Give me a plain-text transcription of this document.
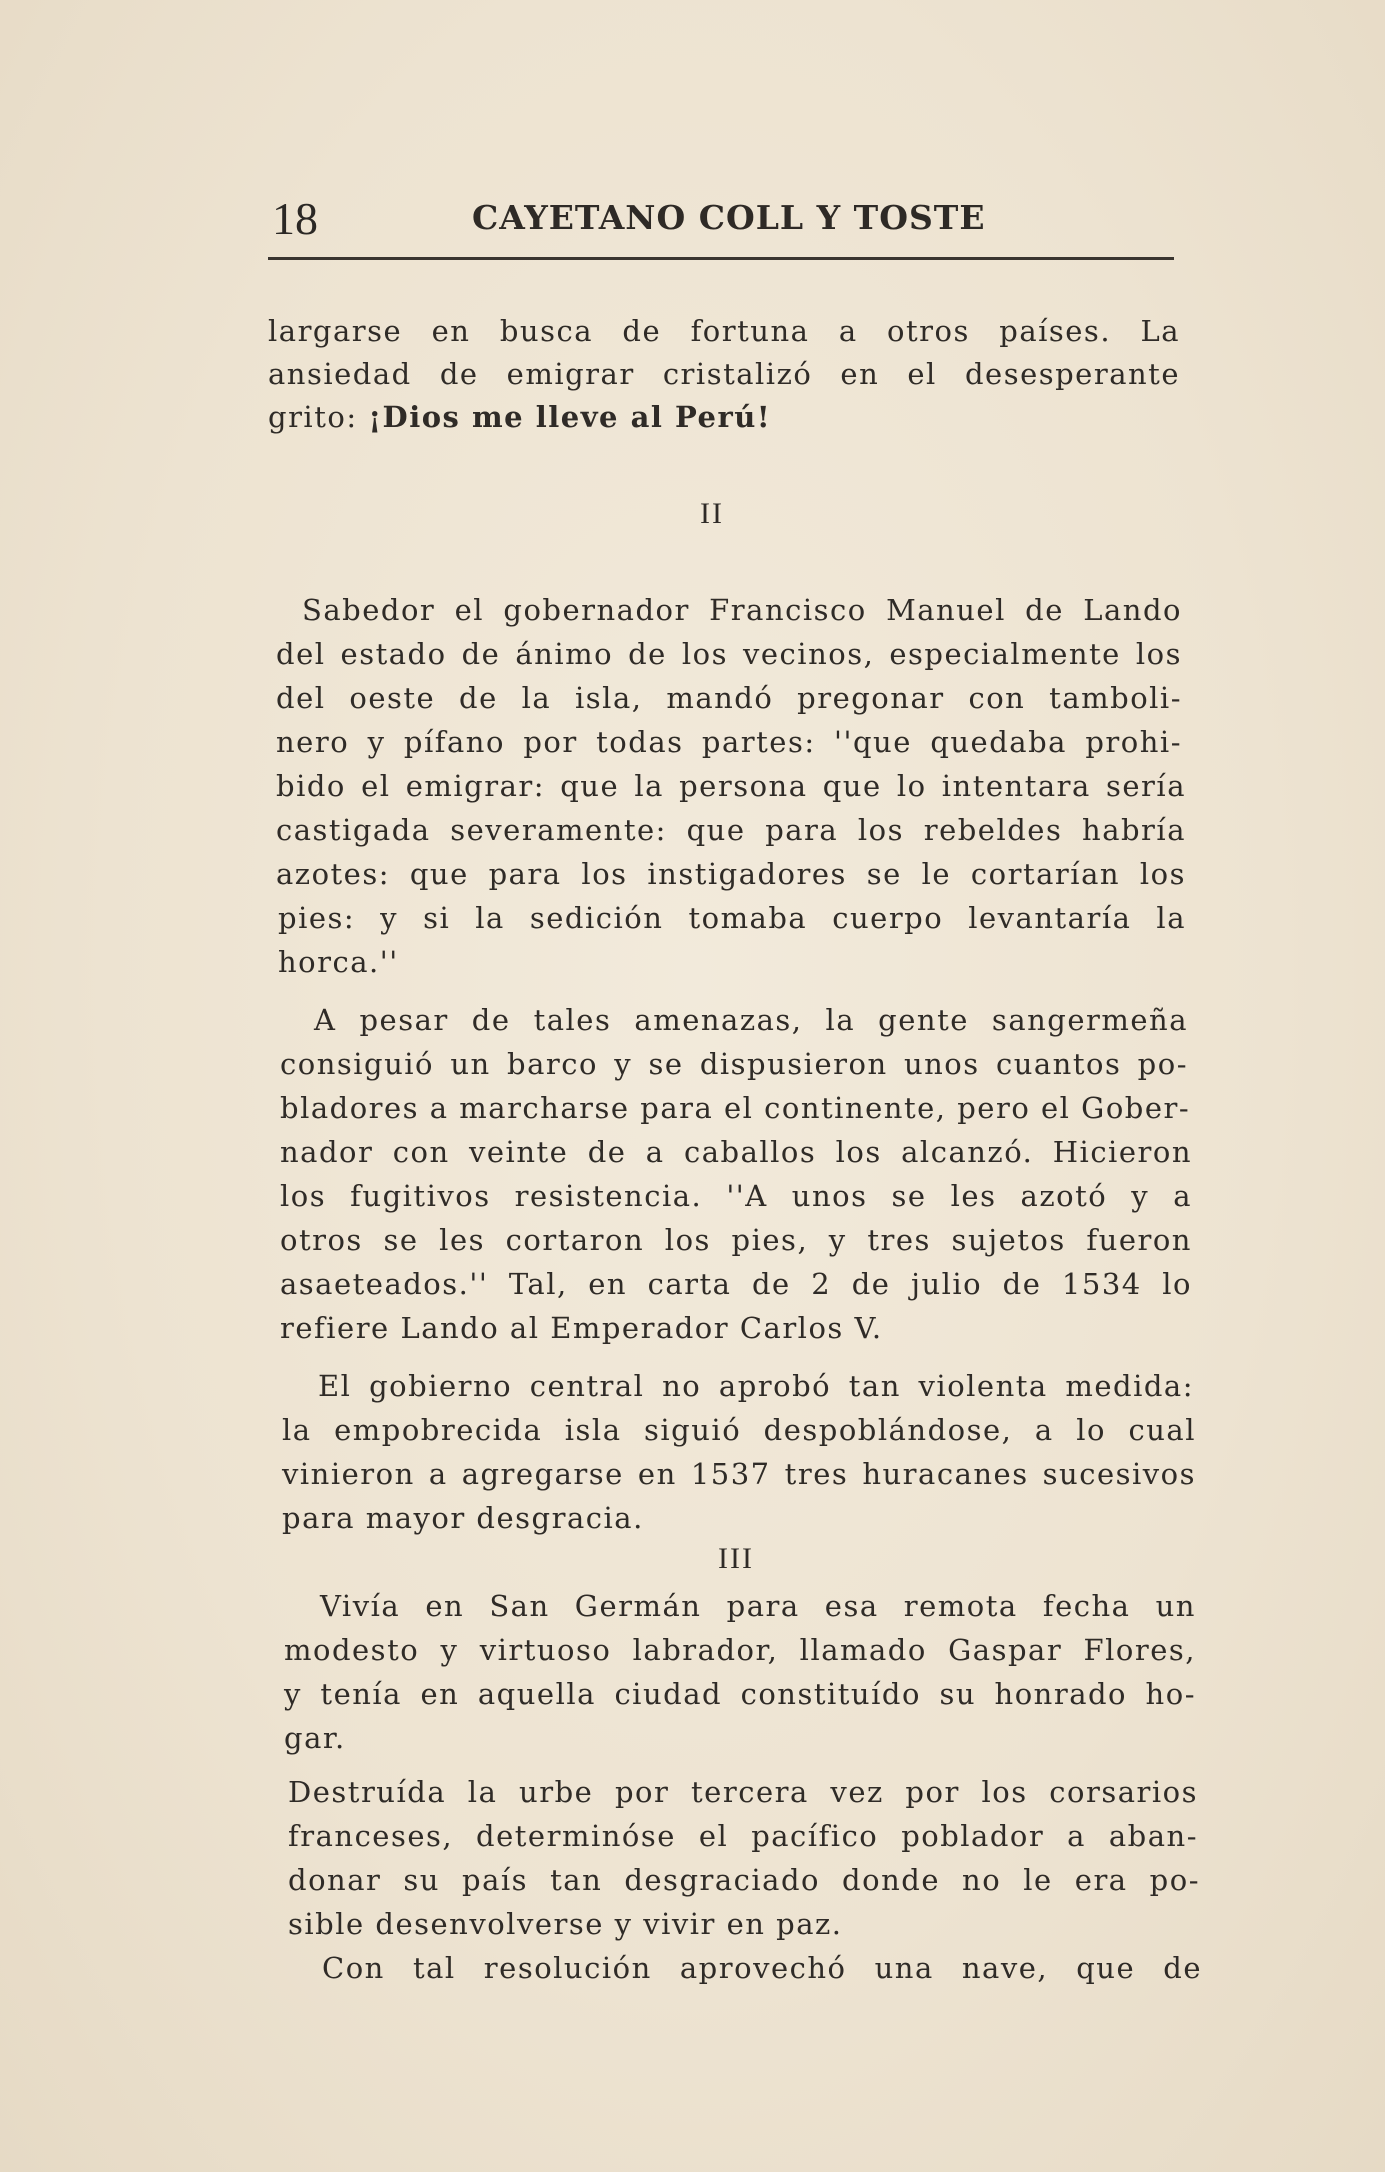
18	CAYETANO COLL Y TOSTE
largarse en busca de fortuna a otros países. La
ansiedad de emigrar cristalizó en el desesperante
grito: ¡Dios me lleve al Perú!
II
Sabedor el gobernador Francisco Manuel de Lando
del estado de ánimo de los vecinos, especialmente los
del oeste de la isla, mandó pregonar con tamboli-
nero y pífano por todas partes: ''que quedaba prohi-
bido el emigrar: que la persona que lo intentara sería
castigada severamente: que para los rebeldes habría
azotes: que para los instigadores se le cortarían los
pies: y si la sedición tomaba cuerpo levantaría la
horca.''
A pesar de tales amenazas, la gente sangermeña
consiguió un barco y se dispusieron unos cuantos po-
bladores a marcharse para el continente, pero el Gober-
nador con veinte de a caballos los alcanzó. Hicieron
los fugitivos resistencia. ''A unos se les azotó y a
otros se les cortaron los pies, y tres sujetos fueron
asaeteados.'' Tal, en carta de 2 de julio de 1534 lo
refiere Lando al Emperador Carlos V.
El gobierno central no aprobó tan violenta medida:
la empobrecida isla siguió despoblándose, a lo cual
vinieron a agregarse en 1537 tres huracanes sucesivos
para mayor desgracia.
III
Vivía en San Germán para esa remota fecha un
modesto y virtuoso labrador, llamado Gaspar Flores,
y tenía en aquella ciudad constituído su honrado ho-
gar.
Destruída la urbe por tercera vez por los corsarios
franceses, determinóse el pacífico poblador a aban-
donar su país tan desgraciado donde no le era po-
sible desenvolverse y vivir en paz.
Con tal resolución aprovechó una nave, que de
